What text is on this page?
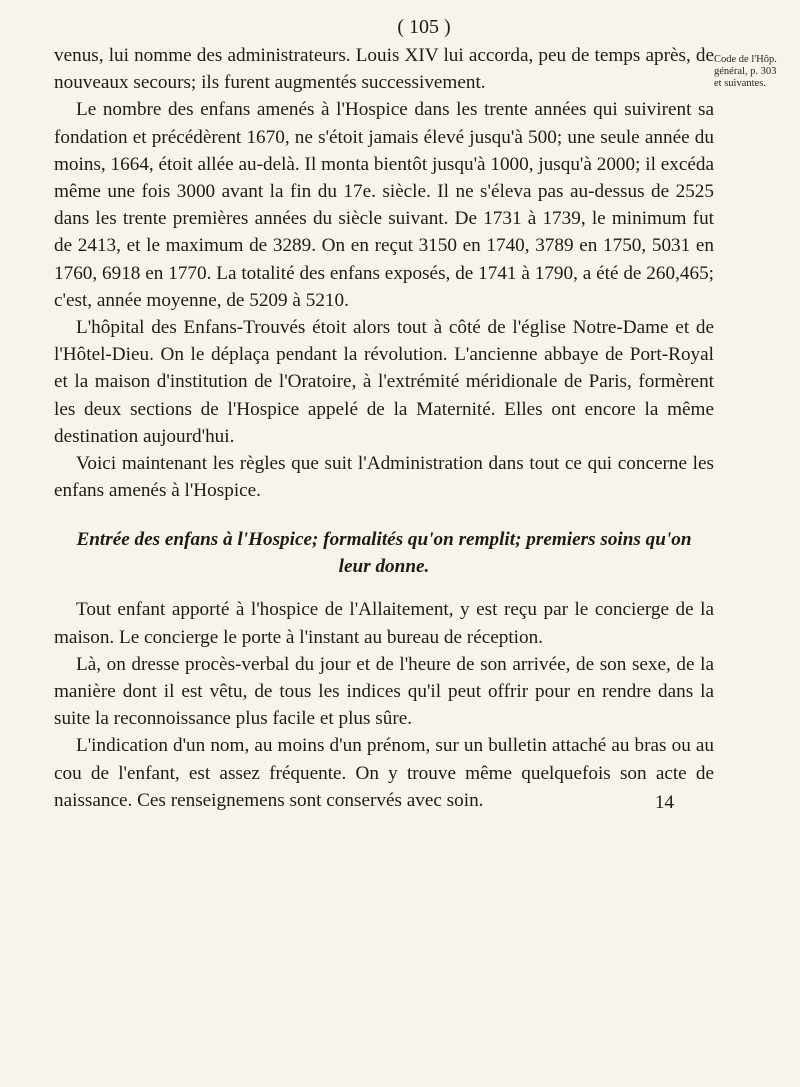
( 105 )
Code de l'Hôp.
général, p. 303
et suivantes.

venus, lui nomme des administrateurs. Louis XIV lui accorda, peu de temps après, de nouveaux secours; ils furent augmentés successivement.

Le nombre des enfans amenés à l'Hospice dans les trente années qui suivirent sa fondation et précédèrent 1670, ne s'étoit jamais élevé jusqu'à 500; une seule année du moins, 1664, étoit allée au-delà. Il monta bientôt jusqu'à 1000, jusqu'à 2000; il excéda même une fois 3000 avant la fin du 17e. siècle. Il ne s'éleva pas au-dessus de 2525 dans les trente premières années du siècle suivant. De 1731 à 1739, le minimum fut de 2413, et le maximum de 3289. On en reçut 3150 en 1740, 3789 en 1750, 5031 en 1760, 6918 en 1770. La totalité des enfans exposés, de 1741 à 1790, a été de 260,465; c'est, année moyenne, de 5209 à 5210.

L'hôpital des Enfans-Trouvés étoit alors tout à côté de l'église Notre-Dame et de l'Hôtel-Dieu. On le déplaça pendant la révolution. L'ancienne abbaye de Port-Royal et la maison d'institution de l'Oratoire, à l'extrémité méridionale de Paris, formèrent les deux sections de l'Hospice appelé de la Maternité. Elles ont encore la même destination aujourd'hui.

Voici maintenant les règles que suit l'Administration dans tout ce qui concerne les enfans amenés à l'Hospice.

Entrée des enfans à l'Hospice; formalités qu'on remplit; premiers soins qu'on leur donne.

Tout enfant apporté à l'hospice de l'Allaitement, y est reçu par le concierge de la maison. Le concierge le porte à l'instant au bureau de réception.

Là, on dresse procès-verbal du jour et de l'heure de son arrivée, de son sexe, de la manière dont il est vêtu, de tous les indices qu'il peut offrir pour en rendre dans la suite la reconnoissance plus facile et plus sûre.

L'indication d'un nom, au moins d'un prénom, sur un bulletin attaché au bras ou au cou de l'enfant, est assez fréquente. On y trouve même quelquefois son acte de naissance. Ces renseignemens sont conservés avec soin.	14
